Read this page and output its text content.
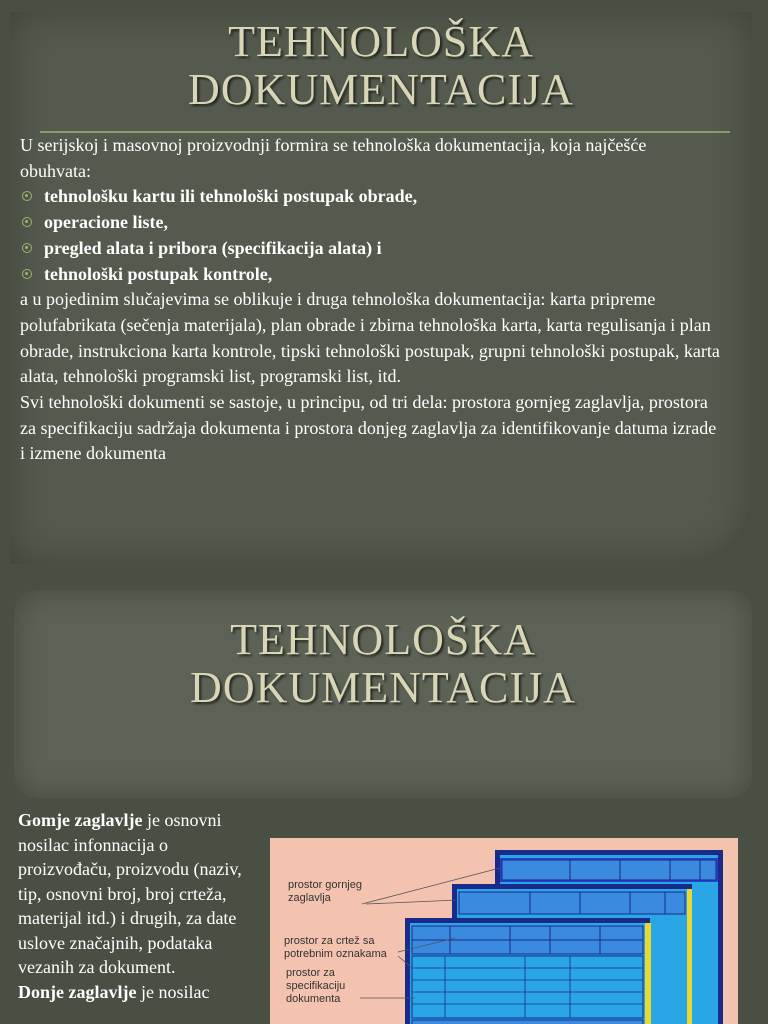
TEHNOLOŠKA
DOKUMENTACIJA

U serijskoj i masovnoj proizvodnji formira se tehnološka dokumentacija, koja najčešće obuhvata:

tehnološku kartu ili tehnološki postupak obrade,
operacione liste,
pregled alata i pribora (specifikacija alata) i
tehnološki postupak kontrole,

a u pojedinim slučajevima se oblikuje i druga tehnološka dokumentacija: karta pripreme polufabrikata (sečenja materijala), plan obrade i zbirna tehnološka karta, karta regulisanja i plan obrade, instrukciona karta kontrole, tipski tehnološki postupak, grupni tehnološki postupak, karta alata, tehnološki programski list, programski list, itd.

Svi tehnološki dokumenti se sastoje, u principu, od tri dela: prostora gornjeg zaglavlja, prostora za specifikaciju sadržaja dokumenta i prostora donjeg zaglavlja za identifikovanje datuma izrade i izmene dokumenta

TEHNOLOŠKA
DOKUMENTACIJA
Gomje zaglavlje je osnovni nosilac infonnacija o proizvođaču, proizvodu (naziv, tip, osnovni broj, broj crteža, materijal itd.) i drugih, za date uslove značajnih, podataka vezanih za dokument.
Donje zaglavlje je nosilac
prostor gornjeg
zaglavlja
prostor za crtež sa
potrebnim oznakama
prostor za
specifikaciju
dokumenta
